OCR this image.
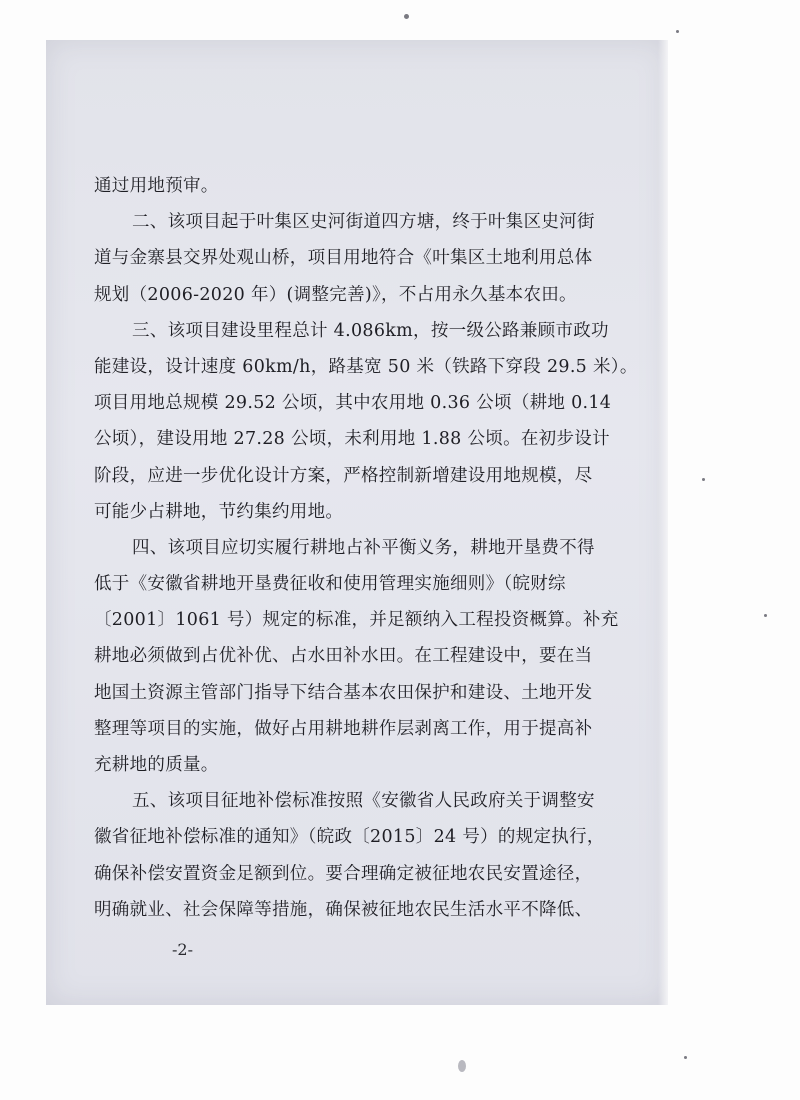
通过用地预审。
二、该项目起于叶集区史河街道四方塘，终于叶集区史河街
道与金寨县交界处观山桥，项目用地符合《叶集区土地利用总体
规划（2006-2020 年）(调整完善)》，不占用永久基本农田。
三、该项目建设里程总计 4.086km，按一级公路兼顾市政功
能建设，设计速度 60km/h，路基宽 50 米（铁路下穿段 29.5 米）。
项目用地总规模 29.52 公顷，其中农用地 0.36 公顷（耕地 0.14
公顷），建设用地 27.28 公顷，未利用地 1.88 公顷。在初步设计
阶段，应进一步优化设计方案，严格控制新增建设用地规模，尽
可能少占耕地，节约集约用地。
四、该项目应切实履行耕地占补平衡义务，耕地开垦费不得
低于《安徽省耕地开垦费征收和使用管理实施细则》（皖财综
〔2001〕1061 号）规定的标准，并足额纳入工程投资概算。补充
耕地必须做到占优补优、占水田补水田。在工程建设中，要在当
地国土资源主管部门指导下结合基本农田保护和建设、土地开发
整理等项目的实施，做好占用耕地耕作层剥离工作，用于提高补
充耕地的质量。
五、该项目征地补偿标准按照《安徽省人民政府关于调整安
徽省征地补偿标准的通知》（皖政〔2015〕24 号）的规定执行，
确保补偿安置资金足额到位。要合理确定被征地农民安置途径，
明确就业、社会保障等措施，确保被征地农民生活水平不降低、
-2-
